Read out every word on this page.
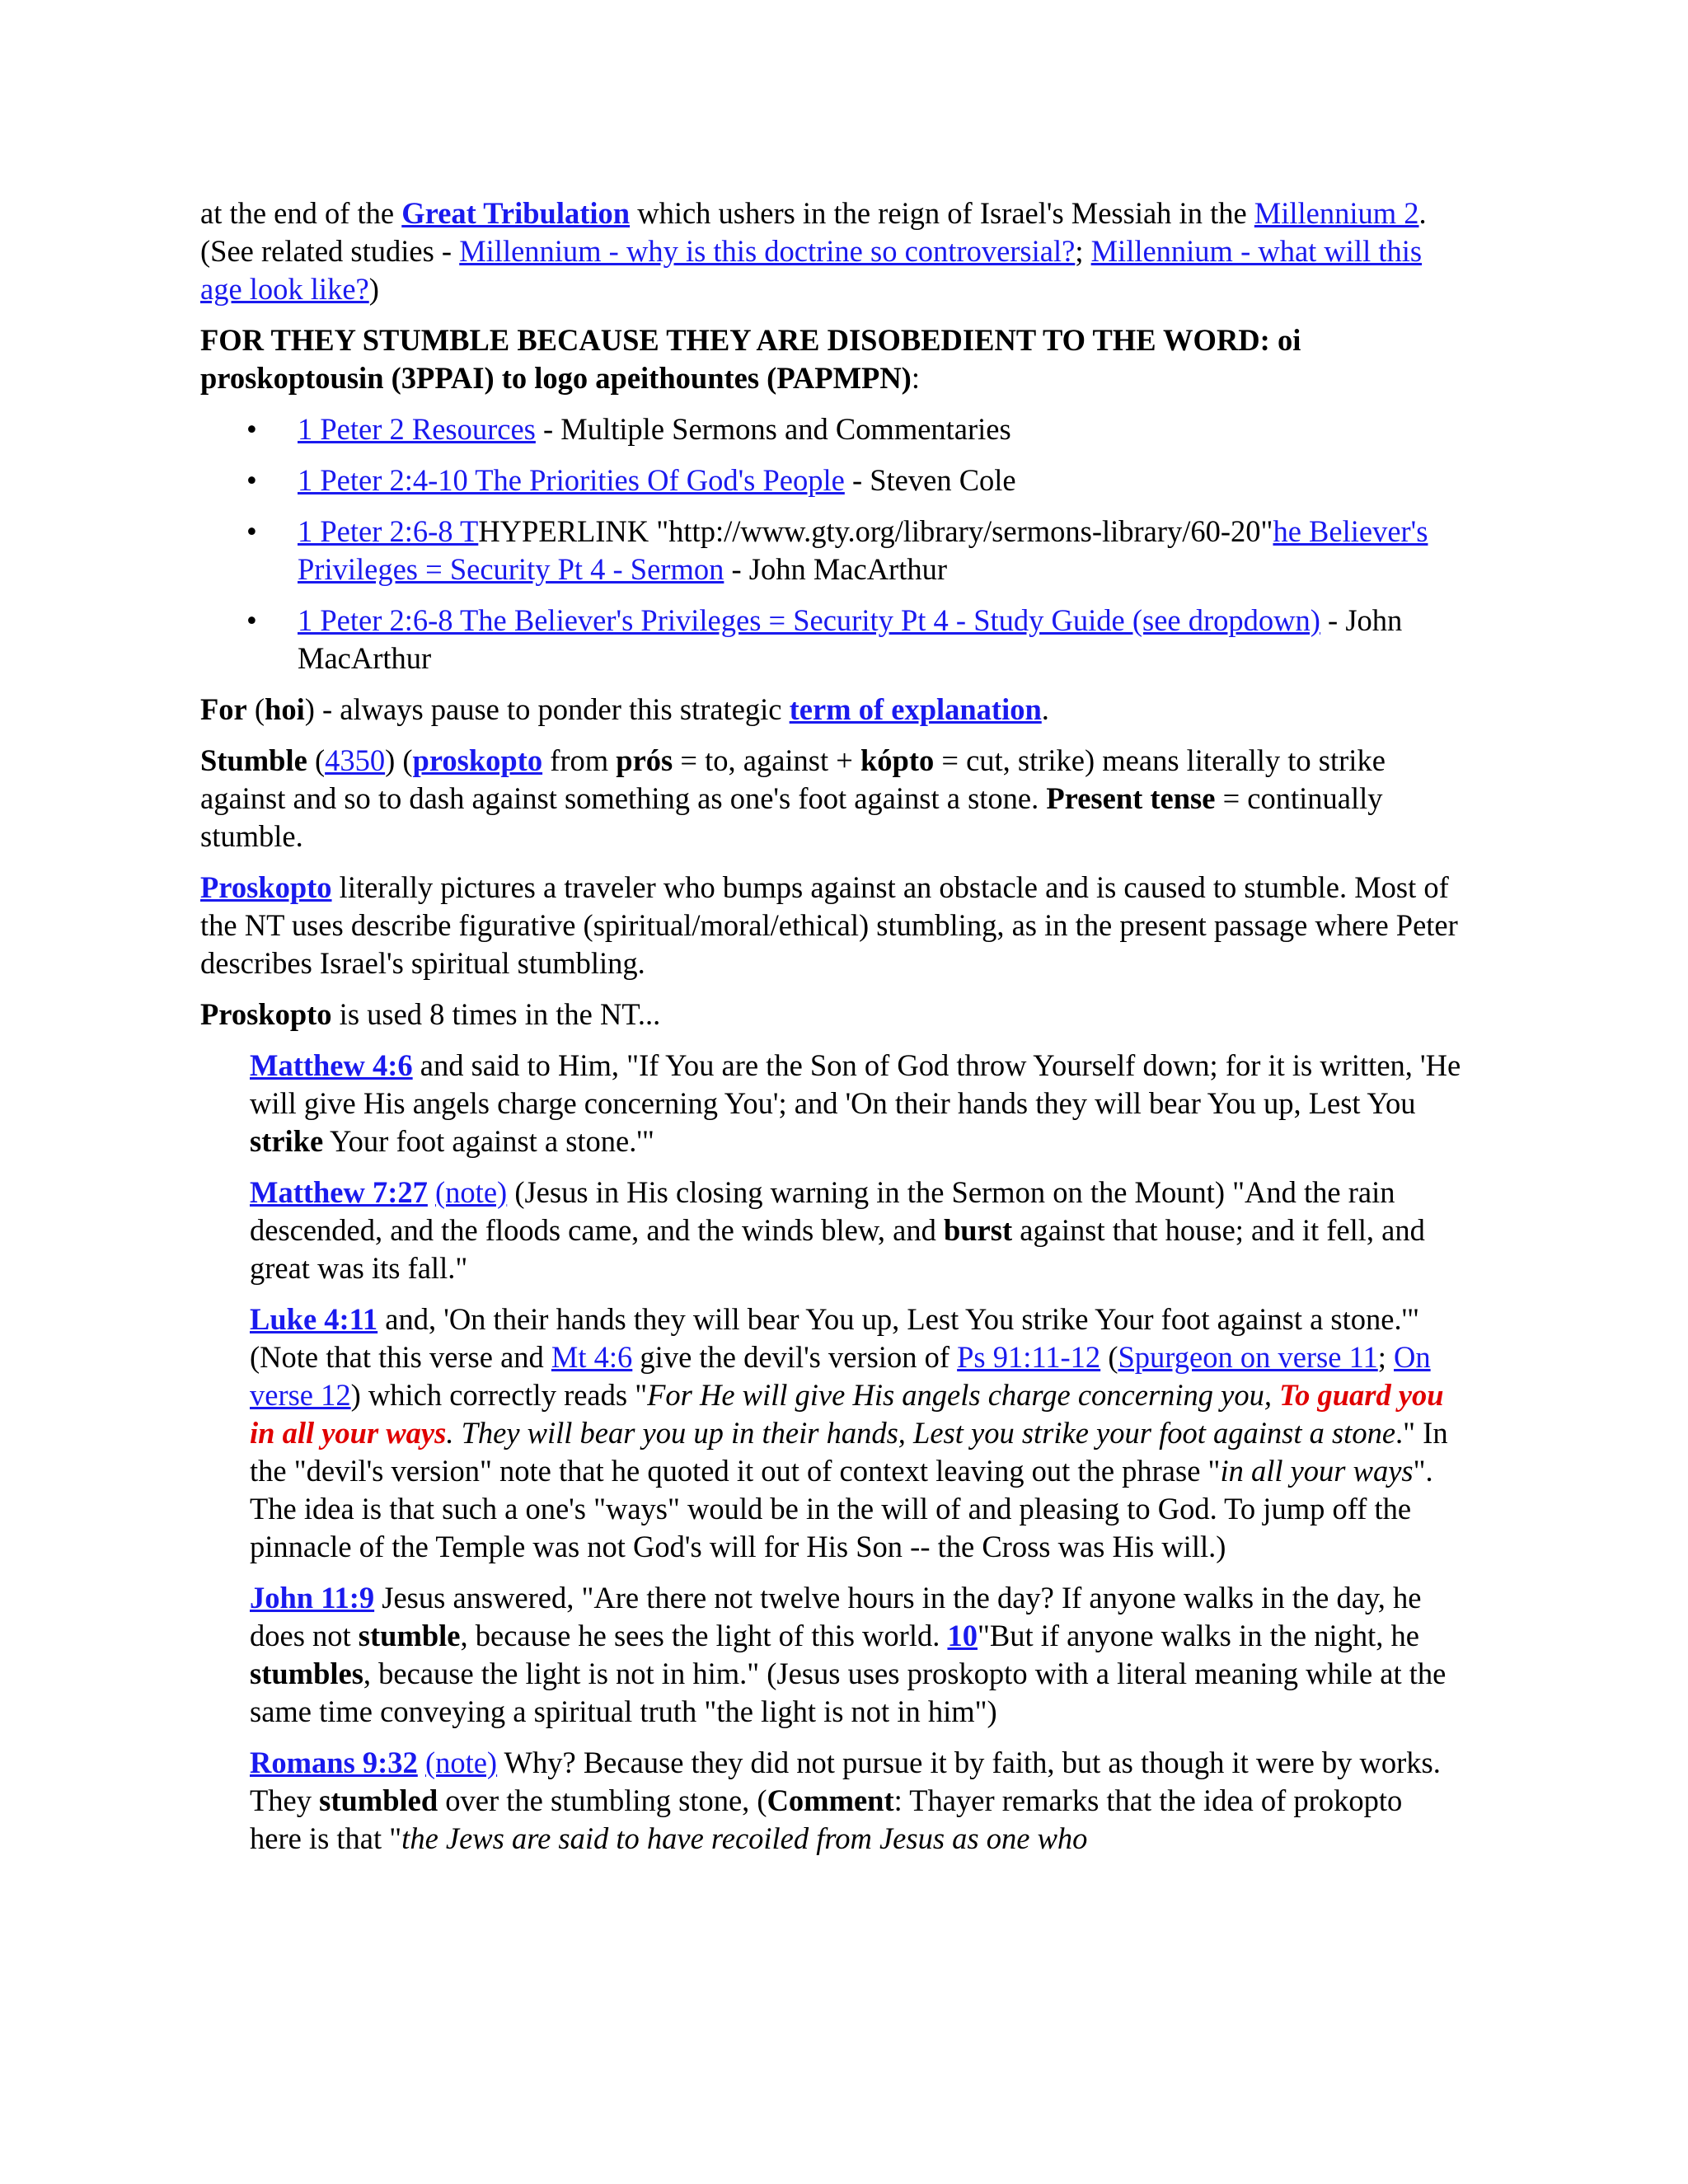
at the end of the Great Tribulation which ushers in the reign of Israel's Messiah in the Millennium 2. (See related studies - Millennium - why is this doctrine so controversial?; Millennium - what will this age look like?)

FOR THEY STUMBLE BECAUSE THEY ARE DISOBEDIENT TO THE WORD: oi proskoptousin (3PPAI) to logo apeithountes (PAPMPN):

• 1 Peter 2 Resources - Multiple Sermons and Commentaries
• 1 Peter 2:4-10 The Priorities Of God's People - Steven Cole
• 1 Peter 2:6-8 THYPERLINK "http://www.gty.org/library/sermons-library/60-20"he Believer's Privileges = Security Pt 4 - Sermon - John MacArthur
• 1 Peter 2:6-8 The Believer's Privileges = Security Pt 4 - Study Guide (see dropdown) - John MacArthur

For (hoi) - always pause to ponder this strategic term of explanation.

Stumble (4350) (proskopto from prós = to, against + kópto = cut, strike) means literally to strike against and so to dash against something as one's foot against a stone. Present tense = continually stumble.

Proskopto literally pictures a traveler who bumps against an obstacle and is caused to stumble. Most of the NT uses describe figurative (spiritual/moral/ethical) stumbling, as in the present passage where Peter describes Israel's spiritual stumbling.

Proskopto is used 8 times in the NT...

Matthew 4:6 and said to Him, "If You are the Son of God throw Yourself down; for it is written, 'He will give His angels charge concerning You'; and 'On their hands they will bear You up, Lest You strike Your foot against a stone.'"

Matthew 7:27 (note) (Jesus in His closing warning in the Sermon on the Mount) "And the rain descended, and the floods came, and the winds blew, and burst against that house; and it fell, and great was its fall."

Luke 4:11 and, 'On their hands they will bear You up, Lest You strike Your foot against a stone.'" (Note that this verse and Mt 4:6 give the devil's version of Ps 91:11-12 (Spurgeon on verse 11; On verse 12) which correctly reads "For He will give His angels charge concerning you, To guard you in all your ways. They will bear you up in their hands, Lest you strike your foot against a stone." In the "devil's version" note that he quoted it out of context leaving out the phrase "in all your ways". The idea is that such a one's "ways" would be in the will of and pleasing to God. To jump off the pinnacle of the Temple was not God's will for His Son -- the Cross was His will.)

John 11:9 Jesus answered, "Are there not twelve hours in the day? If anyone walks in the day, he does not stumble, because he sees the light of this world. 10"But if anyone walks in the night, he stumbles, because the light is not in him." (Jesus uses proskopto with a literal meaning while at the same time conveying a spiritual truth "the light is not in him")

Romans 9:32 (note) Why? Because they did not pursue it by faith, but as though it were by works. They stumbled over the stumbling stone, (Comment: Thayer remarks that the idea of prokopto here is that "the Jews are said to have recoiled from Jesus as one who
